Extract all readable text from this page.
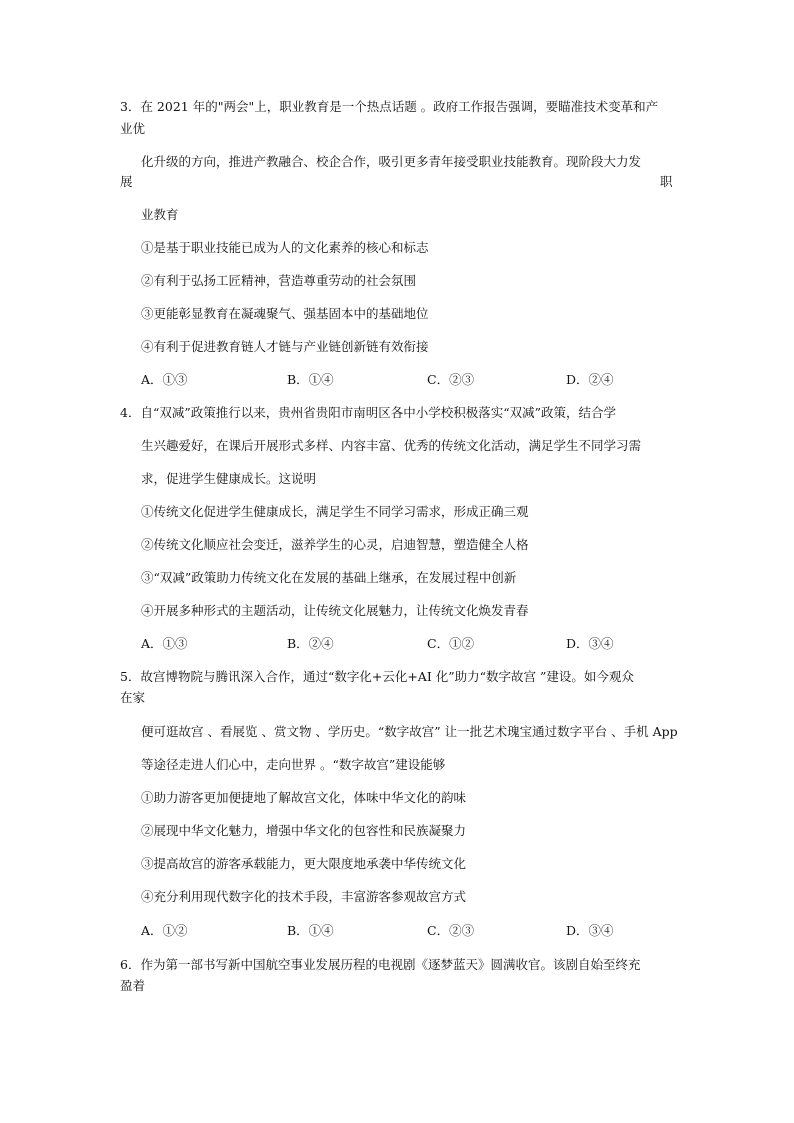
3．在 2021 年的"两会"上，职业教育是一个热点话题 。政府工作报告强调，要瞄准技术变革和产
业优
化升级的方向，推进产教融合、校企合作，吸引更多青年接受职业技能教育。现阶段大力发
展	职
业教育
①是基于职业技能已成为人的文化素养的核心和标志
②有利于弘扬工匠精神，营造尊重劳动的社会氛围
③更能彰显教育在凝魂聚气、强基固本中的基础地位
④有利于促进教育链人才链与产业链创新链有效衔接
A．①③	B．①④	C．②③	D．②④
4．自“双减”政策推行以来，贵州省贵阳市南明区各中小学校积极落实“双减”政策，结合学
生兴趣爱好，在课后开展形式多样、内容丰富、优秀的传统文化活动，满足学生不同学习需
求，促进学生健康成长。这说明
①传统文化促进学生健康成长，满足学生不同学习需求，形成正确三观
②传统文化顺应社会变迁，滋养学生的心灵，启迪智慧，塑造健全人格
③“双减”政策助力传统文化在发展的基础上继承，在发展过程中创新
④开展多种形式的主题活动，让传统文化展魅力，让传统文化焕发青春
A．①③	B．②④	C．①②	D．③④
5．故宫博物院与腾讯深入合作，通过“数字化+云化+AI 化”助力“数字故宫 ”建设。如今观众
在家
便可逛故宫 、看展览 、赏文物 、学历史。“数字故宫” 让一批艺术瑰宝通过数字平台 、手机 App
等途径走进人们心中，走向世界 。“数字故宫”建设能够
①助力游客更加便捷地了解故宫文化，体味中华文化的韵味
②展现中华文化魅力，增强中华文化的包容性和民族凝聚力
③提高故宫的游客承载能力，更大限度地承袭中华传统文化
④充分利用现代数字化的技术手段，丰富游客参观故宫方式
A．①②	B．①④	C．②③	D．③④
6．作为第一部书写新中国航空事业发展历程的电视剧《逐梦蓝天》圆满收官。该剧自始至终充
盈着
